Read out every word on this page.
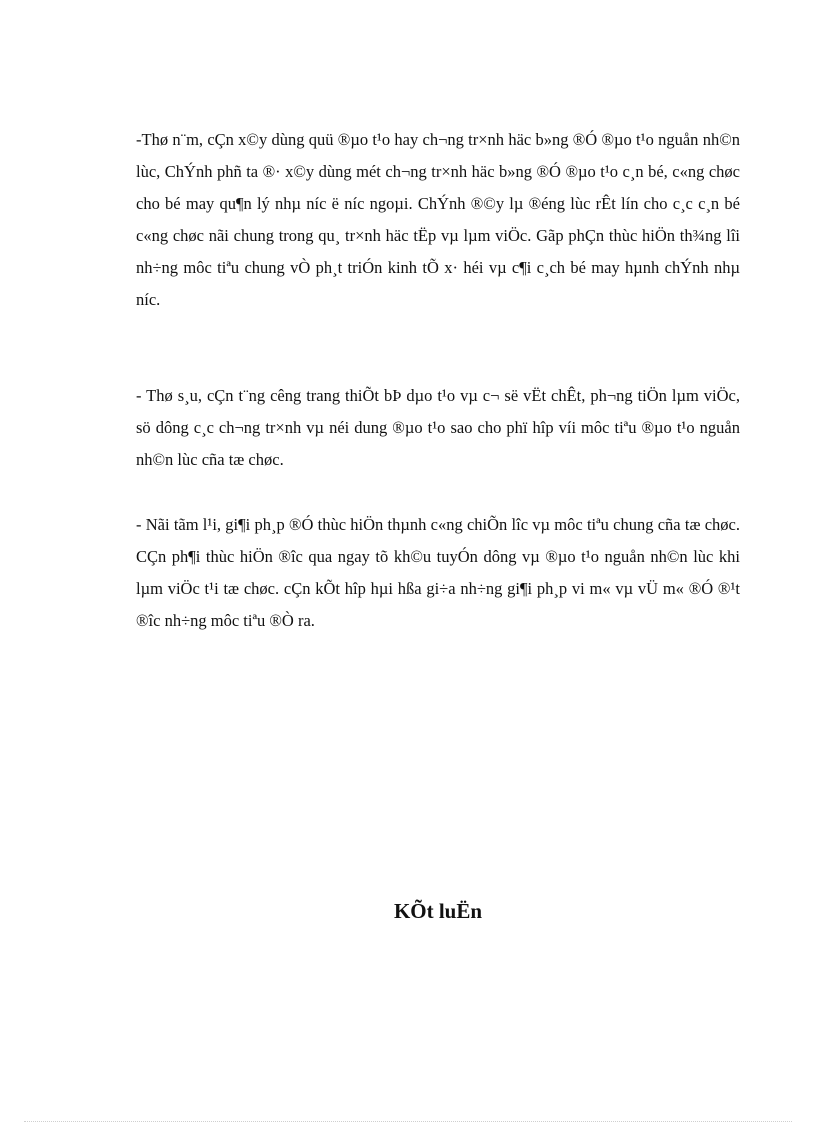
-Thø n¨m, cÇn x©y dùng quü ®µo t¹o hay ch¬ng tr×nh häc b»ng ®Ó ®µo t¹o nguån nh©n lùc, ChÝnh phñ ta ®· x©y dùng mét ch¬ng tr×nh häc b»ng ®Ó ®µo t¹o c¸n bé, c«ng chøc cho bé may qu¶n lý nhµ níc ë níc ngoµi. ChÝnh ®©y lµ ®éng lùc rÊt lín cho c¸c c¸n bé c«ng chøc nãi chung trong qu¸ tr×nh häc tËp vµ lµm viÖc. Gãp phÇn thùc hiÖn th¾ng lîi nh÷ng môc tiªu chung vÒ ph¸t triÓn kinh tÕ x· héi vµ c¶i c¸ch bé may hµnh chÝnh nhµ níc.

- Thø s¸u, cÇn t¨ng cêng trang thiÕt bÞ dµo t¹o vµ c¬ së vËt chÊt, ph¬ng tiÖn lµm viÖc, sö dông c¸c ch¬ng tr×nh vµ néi dung ®µo t¹o sao cho phï hîp víi môc tiªu ®µo t¹o nguån nh©n lùc cña tæ chøc.

- Nãi tãm l¹i, gi¶i ph¸p ®Ó thùc hiÖn thµnh c«ng chiÕn lîc vµ môc tiªu chung cña tæ chøc. CÇn ph¶i thùc hiÖn ®îc qua ngay tõ kh©u tuyÓn dông vµ ®µo t¹o nguån nh©n lùc khi lµm viÖc t¹i tæ chøc. cÇn kÕt hîp hµi hßa gi÷a nh÷ng gi¶i ph¸p vi m« vµ vÜ m« ®Ó ®¹t ®îc nh÷ng môc tiªu ®Ò ra.

KÕt luËn
